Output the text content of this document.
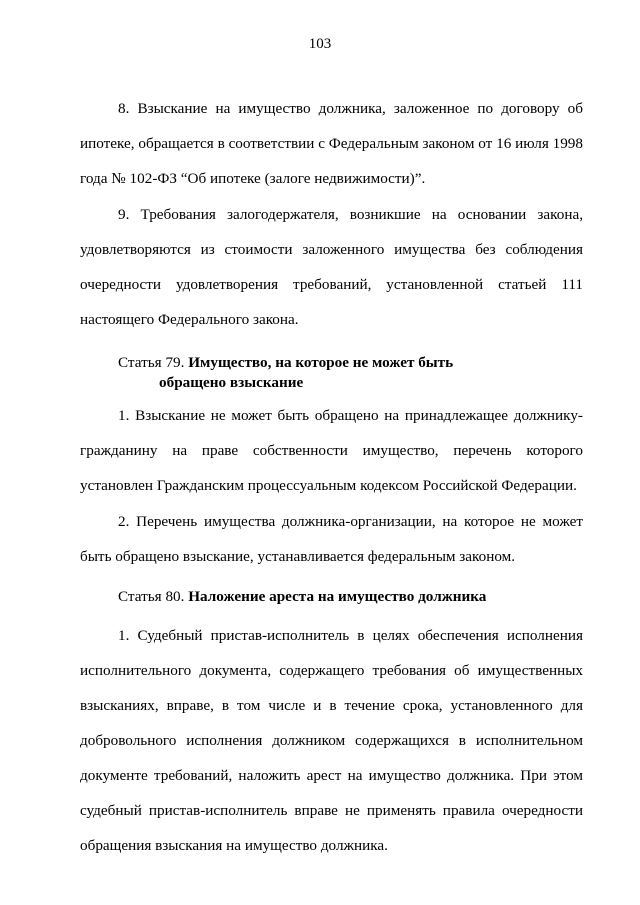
103
8. Взыскание на имущество должника, заложенное по договору об
ипотеке, обращается в соответствии с Федеральным законом от 16 июля 1998
года № 102-ФЗ “Об ипотеке (залоге недвижимости)”.
9. Требования залогодержателя, возникшие на основании закона,
удовлетворяются из стоимости заложенного имущества без соблюдения
очередности удовлетворения требований, установленной статьей 111
настоящего Федерального закона.
Статья 79. Имущество, на которое не может быть
обращено взыскание
1. Взыскание не может быть обращено на принадлежащее должнику-
гражданину на праве собственности имущество, перечень которого
установлен Гражданским процессуальным кодексом Российской Федерации.
2. Перечень имущества должника-организации, на которое не может
быть обращено взыскание, устанавливается федеральным законом.
Статья 80. Наложение ареста на имущество должника
1. Судебный пристав-исполнитель в целях обеспечения исполнения
исполнительного документа, содержащего требования об имущественных
взысканиях, вправе, в том числе и в течение срока, установленного для
добровольного исполнения должником содержащихся в исполнительном
документе требований, наложить арест на имущество должника. При этом
судебный пристав-исполнитель вправе не применять правила очередности
обращения взыскания на имущество должника.
